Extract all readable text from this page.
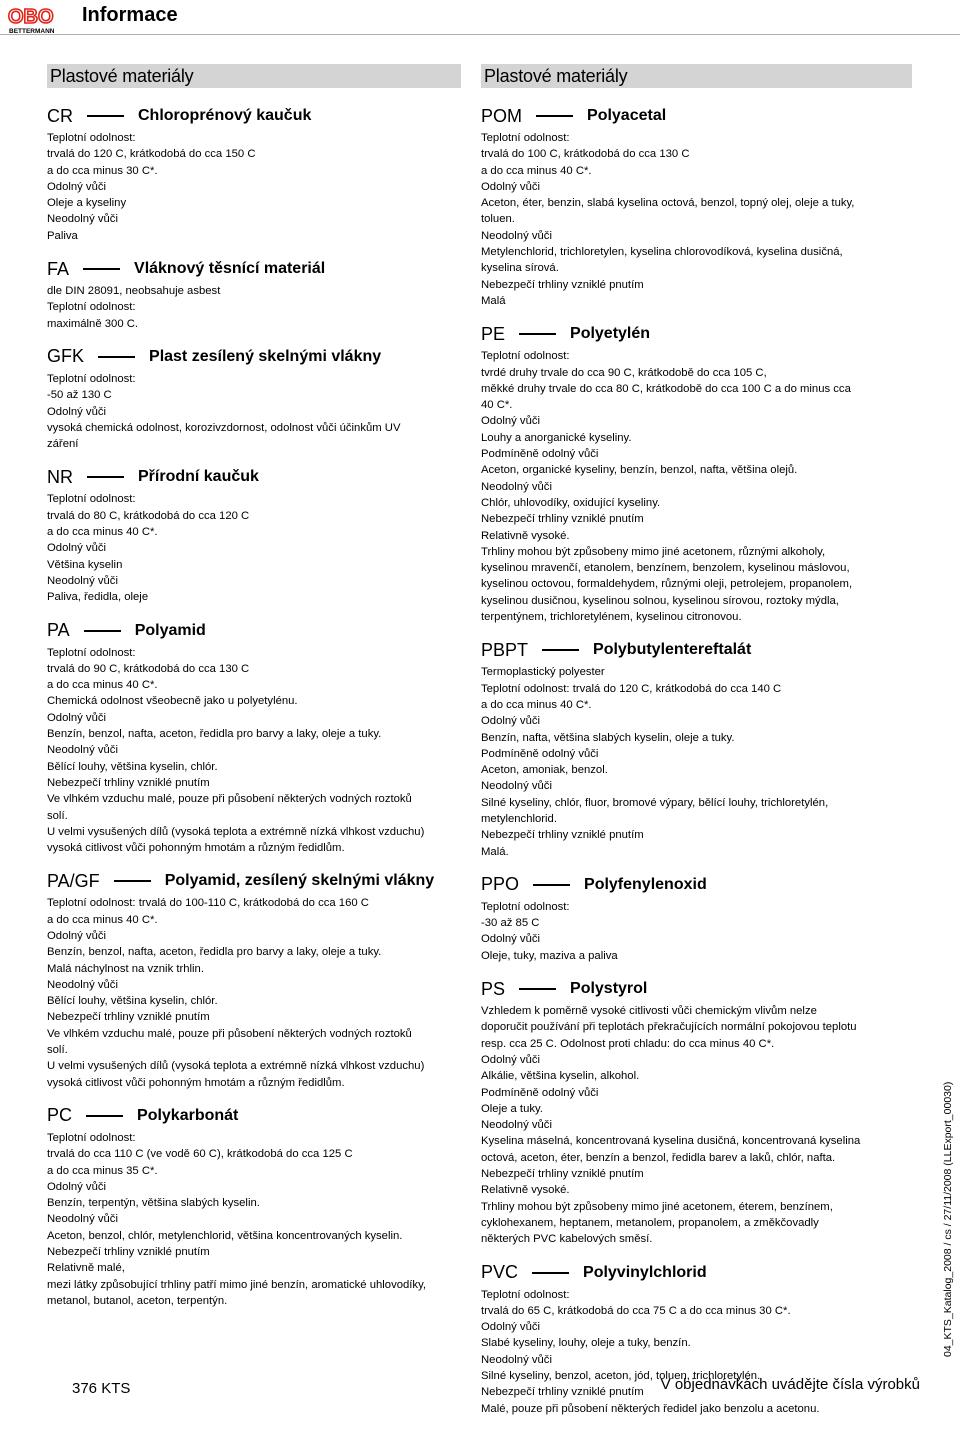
OBO
BETTERMANN
Informace
Plastové materiály
CR	Chloroprénový kaučuk
Teplotní odolnost:
trvalá do 120 C, krátkodobá do cca 150 C
a do cca minus 30 C*.
Odolný vůči
Oleje a kyseliny
Neodolný vůči
Paliva
FA	Vláknový těsnící materiál
dle DIN 28091, neobsahuje asbest
Teplotní odolnost:
maximálně 300 C.
GFK	Plast zesílený skelnými vlákny
Teplotní odolnost:
-50 až 130 C
Odolný vůči
vysoká chemická odolnost, korozivzdornost, odolnost vůči účinkům UV
záření
NR	Přírodní kaučuk
Teplotní odolnost:
trvalá do 80 C, krátkodobá do cca 120 C
a do cca minus 40 C*.
Odolný vůči
Většina kyselin
Neodolný vůči
Paliva, ředidla, oleje
PA	Polyamid
Teplotní odolnost:
trvalá do 90 C, krátkodobá do cca 130 C
a do cca minus 40 C*.
Chemická odolnost všeobecně jako u polyetylénu.
Odolný vůči
Benzín, benzol, nafta, aceton, ředidla pro barvy a laky, oleje a tuky.
Neodolný vůči
Bělící louhy, většina kyselin, chlór.
Nebezpečí trhliny vzniklé pnutím
Ve vlhkém vzduchu malé, pouze při působení některých vodných roztoků
solí.
U velmi vysušených dílů (vysoká teplota a extrémně nízká vlhkost vzduchu)
vysoká citlivost vůči pohonným hmotám a různým ředidlům.
PA/GF	Polyamid, zesílený skelnými vlákny
Teplotní odolnost: trvalá do 100-110 C, krátkodobá do cca 160 C
a do cca minus 40 C*.
Odolný vůči
Benzín, benzol, nafta, aceton, ředidla pro barvy a laky, oleje a tuky.
Malá náchylnost na vznik trhlin.
Neodolný vůči
Bělící louhy, většina kyselin, chlór.
Nebezpečí trhliny vzniklé pnutím
Ve vlhkém vzduchu malé, pouze při působení některých vodných roztoků
solí.
U velmi vysušených dílů (vysoká teplota a extrémně nízká vlhkost vzduchu)
vysoká citlivost vůči pohonným hmotám a různým ředidlům.
PC	Polykarbonát
Teplotní odolnost:
trvalá do cca 110 C (ve vodě 60 C), krátkodobá do cca 125 C
a do cca minus 35 C*.
Odolný vůči
Benzín, terpentýn, většina slabých kyselin.
Neodolný vůči
Aceton, benzol, chlór, metylenchlorid, většina koncentrovaných kyselin.
Nebezpečí trhliny vzniklé pnutím
Relativně malé,
mezi látky způsobující trhliny patří mimo jiné benzín, aromatické uhlovodíky,
metanol, butanol, aceton, terpentýn.
Plastové materiály
POM	Polyacetal
Teplotní odolnost:
trvalá do 100 C, krátkodobá do cca 130 C
a do cca minus 40 C*.
Odolný vůči
Aceton, éter, benzin, slabá kyselina octová, benzol, topný olej, oleje a tuky,
toluen.
Neodolný vůči
Metylenchlorid, trichloretylen, kyselina chlorovodíková, kyselina dusičná,
kyselina sírová.
Nebezpečí trhliny vzniklé pnutím
Malá
PE	Polyetylén
Teplotní odolnost:
tvrdé druhy trvale do cca 90 C, krátkodobě do cca 105 C,
měkké druhy trvale do cca 80 C, krátkodobě do cca 100 C a do minus cca
40 C*.
Odolný vůči
Louhy a anorganické kyseliny.
Podmíněně odolný vůči
Aceton, organické kyseliny, benzín, benzol, nafta, většina olejů.
Neodolný vůči
Chlór, uhlovodíky, oxidující kyseliny.
Nebezpečí trhliny vzniklé pnutím
Relativně vysoké.
Trhliny mohou být způsobeny mimo jiné acetonem, různými alkoholy,
kyselinou mravenčí, etanolem, benzínem, benzolem, kyselinou máslovou,
kyselinou octovou, formaldehydem, různými oleji, petrolejem, propanolem,
kyselinou dusičnou, kyselinou solnou, kyselinou sírovou, roztoky mýdla,
terpentýnem, trichloretylénem, kyselinou citronovou.
PBPT	Polybutylentereftalát
Termoplastický polyester
Teplotní odolnost: trvalá do 120 C, krátkodobá do cca 140 C
a do cca minus 40 C*.
Odolný vůči
Benzín, nafta, většina slabých kyselin, oleje a tuky.
Podmíněně odolný vůči
Aceton, amoniak, benzol.
Neodolný vůči
Silné kyseliny, chlór, fluor, bromové výpary, bělící louhy, trichloretylén,
metylenchlorid.
Nebezpečí trhliny vzniklé pnutím
Malá.
PPO	Polyfenylenoxid
Teplotní odolnost:
-30 až 85 C
Odolný vůči
Oleje, tuky, maziva a paliva
PS	Polystyrol
Vzhledem k poměrně vysoké citlivosti vůči chemickým vlivům nelze
doporučit používání při teplotách překračujících normální pokojovou teplotu
resp. cca 25 C. Odolnost proti chladu: do cca minus 40 C*.
Odolný vůči
Alkálie, většina kyselin, alkohol.
Podmíněně odolný vůči
Oleje a tuky.
Neodolný vůči
Kyselina máselná, koncentrovaná kyselina dusičná, koncentrovaná kyselina
octová, aceton, éter, benzín a benzol, ředidla barev a laků, chlór, nafta.
Nebezpečí trhliny vzniklé pnutím
Relativně vysoké.
Trhliny mohou být způsobeny mimo jiné acetonem, éterem, benzínem,
cyklohexanem, heptanem, metanolem, propanolem, a změkčovadly
některých PVC kabelových směsí.
PVC	Polyvinylchlorid
Teplotní odolnost:
trvalá do 65 C, krátkodobá do cca 75 C a do cca minus 30 C*.
Odolný vůči
Slabé kyseliny, louhy, oleje a tuky, benzín.
Neodolný vůči
Silné kyseliny, benzol, aceton, jód, toluen, trichloretylén.
Nebezpečí trhliny vzniklé pnutím
Malé, pouze při působení některých ředidel jako benzolu a acetonu.
376 KTS	V objednávkách uvádějte čísla výrobků
04_KTS_Katalog_2008 / cs / 27/11/2008 (LLExport_00030)
